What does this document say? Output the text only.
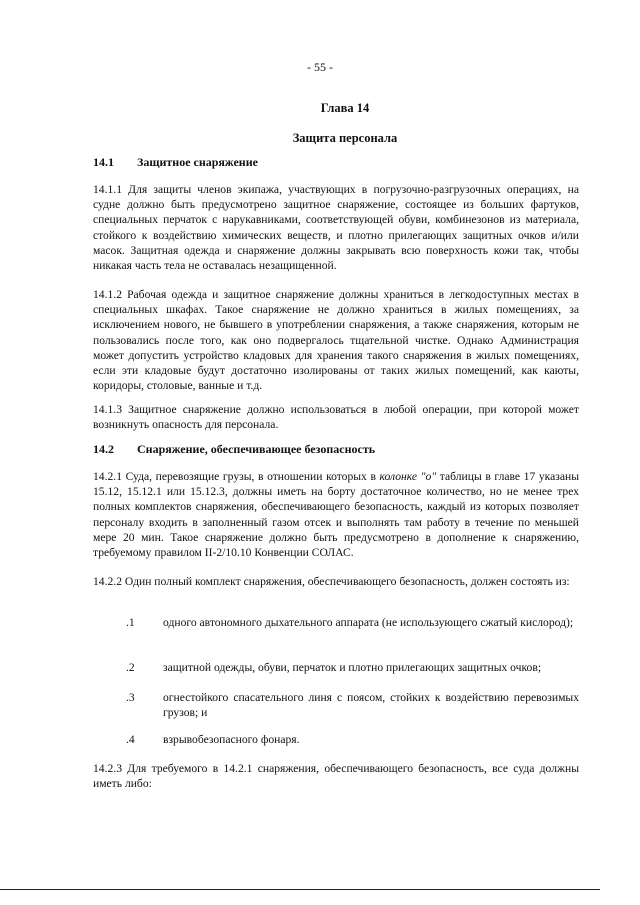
- 55 -
Глава 14
Защита персонала
14.1 Защитное снаряжение
14.1.1 Для защиты членов экипажа, участвующих в погрузочно-разгрузочных операциях, на судне должно быть предусмотрено защитное снаряжение, состоящее из больших фартуков, специальных перчаток с нарукавниками, соответствующей обуви, комбинезонов из материала, стойкого к воздействию химических веществ, и плотно прилегающих защитных очков и/или масок. Защитная одежда и снаряжение должны закрывать всю поверхность кожи так, чтобы никакая часть тела не оставалась незащищенной.
14.1.2 Рабочая одежда и защитное снаряжение должны храниться в легкодоступных местах в специальных шкафах. Такое снаряжение не должно храниться в жилых помещениях, за исключением нового, не бывшего в употреблении снаряжения, а также снаряжения, которым не пользовались после того, как оно подвергалось тщательной чистке. Однако Администрация может допустить устройство кладовых для хранения такого снаряжения в жилых помещениях, если эти кладовые будут достаточно изолированы от таких жилых помещений, как каюты, коридоры, столовые, ванные и т.д.
14.1.3 Защитное снаряжение должно использоваться в любой операции, при которой может возникнуть опасность для персонала.
14.2 Снаряжение, обеспечивающее безопасность
14.2.1 Суда, перевозящие грузы, в отношении которых в колонке "о" таблицы в главе 17 указаны 15.12, 15.12.1 или 15.12.3, должны иметь на борту достаточное количество, но не менее трех полных комплектов снаряжения, обеспечивающего безопасность, каждый из которых позволяет персоналу входить в заполненный газом отсек и выполнять там работу в течение по меньшей мере 20 мин. Такое снаряжение должно быть предусмотрено в дополнение к снаряжению, требуемому правилом II-2/10.10 Конвенции СОЛАС.
14.2.2 Один полный комплект снаряжения, обеспечивающего безопасность, должен состоять из:
.1 одного автономного дыхательного аппарата (не использующего сжатый кислород);
.2 защитной одежды, обуви, перчаток и плотно прилегающих защитных очков;
.3 огнестойкого спасательного линя с поясом, стойких к воздействию перевозимых грузов; и
.4 взрывобезопасного фонаря.
14.2.3 Для требуемого в 14.2.1 снаряжения, обеспечивающего безопасность, все суда должны иметь либо:
